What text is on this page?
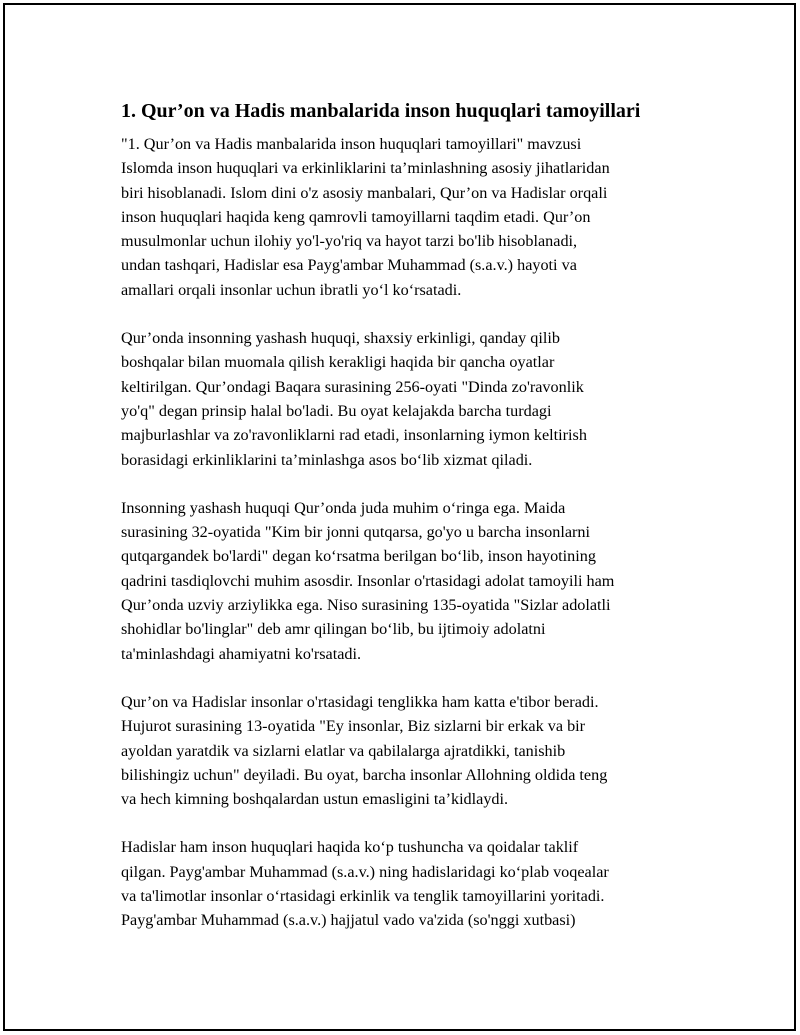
1. Qur’on va Hadis manbalarida inson huquqlari tamoyillari
"1. Qur’on va Hadis manbalarida inson huquqlari tamoyillari" mavzusi
Islomda inson huquqlari va erkinliklarini ta’minlashning asosiy jihatlaridan
biri hisoblanadi. Islom dini o'z asosiy manbalari, Qur’on va Hadislar orqali
inson huquqlari haqida keng qamrovli tamoyillarni taqdim etadi. Qur’on
musulmonlar uchun ilohiy yo'l-yo'riq va hayot tarzi bo'lib hisoblanadi,
undan tashqari, Hadislar esa Payg'ambar Muhammad (s.a.v.) hayoti va
amallari orqali insonlar uchun ibratli yoʻl koʻrsatadi.
Qur’onda insonning yashash huquqi, shaxsiy erkinligi, qanday qilib
boshqalar bilan muomala qilish kerakligi haqida bir qancha oyatlar
keltirilgan. Qur’ondagi Baqara surasining 256-oyati "Dinda zo'ravonlik
yo'q" degan prinsip halal bo'ladi. Bu oyat kelajakda barcha turdagi
majburlashlar va zo'ravonliklarni rad etadi, insonlarning iymon keltirish
borasidagi erkinliklarini ta’minlashga asos boʻlib xizmat qiladi.
Insonning yashash huquqi Qur’onda juda muhim oʻringa ega. Maida
surasining 32-oyatida "Kim bir jonni qutqarsa, go'yo u barcha insonlarni
qutqargandek bo'lardi" degan koʻrsatma berilgan boʻlib, inson hayotining
qadrini tasdiqlovchi muhim asosdir. Insonlar o'rtasidagi adolat tamoyili ham
Qur’onda uzviy arziylikka ega. Niso surasining 135-oyatida "Sizlar adolatli
shohidlar bo'linglar" deb amr qilingan boʻlib, bu ijtimoiy adolatni
ta'minlashdagi ahamiyatni ko'rsatadi.
Qur’on va Hadislar insonlar o'rtasidagi tenglikka ham katta e'tibor beradi.
Hujurot surasining 13-oyatida "Ey insonlar, Biz sizlarni bir erkak va bir
ayoldan yaratdik va sizlarni elatlar va qabilalarga ajratdikki, tanishib
bilishingiz uchun" deyiladi. Bu oyat, barcha insonlar Allohning oldida teng
va hech kimning boshqalardan ustun emasligini ta’kidlaydi.
Hadislar ham inson huquqlari haqida koʻp tushuncha va qoidalar taklif
qilgan. Payg'ambar Muhammad (s.a.v.) ning hadislaridagi koʻplab voqealar
va ta'limotlar insonlar oʻrtasidagi erkinlik va tenglik tamoyillarini yoritadi.
Payg'ambar Muhammad (s.a.v.) hajjatul vado va'zida (so'nggi xutbasi)
